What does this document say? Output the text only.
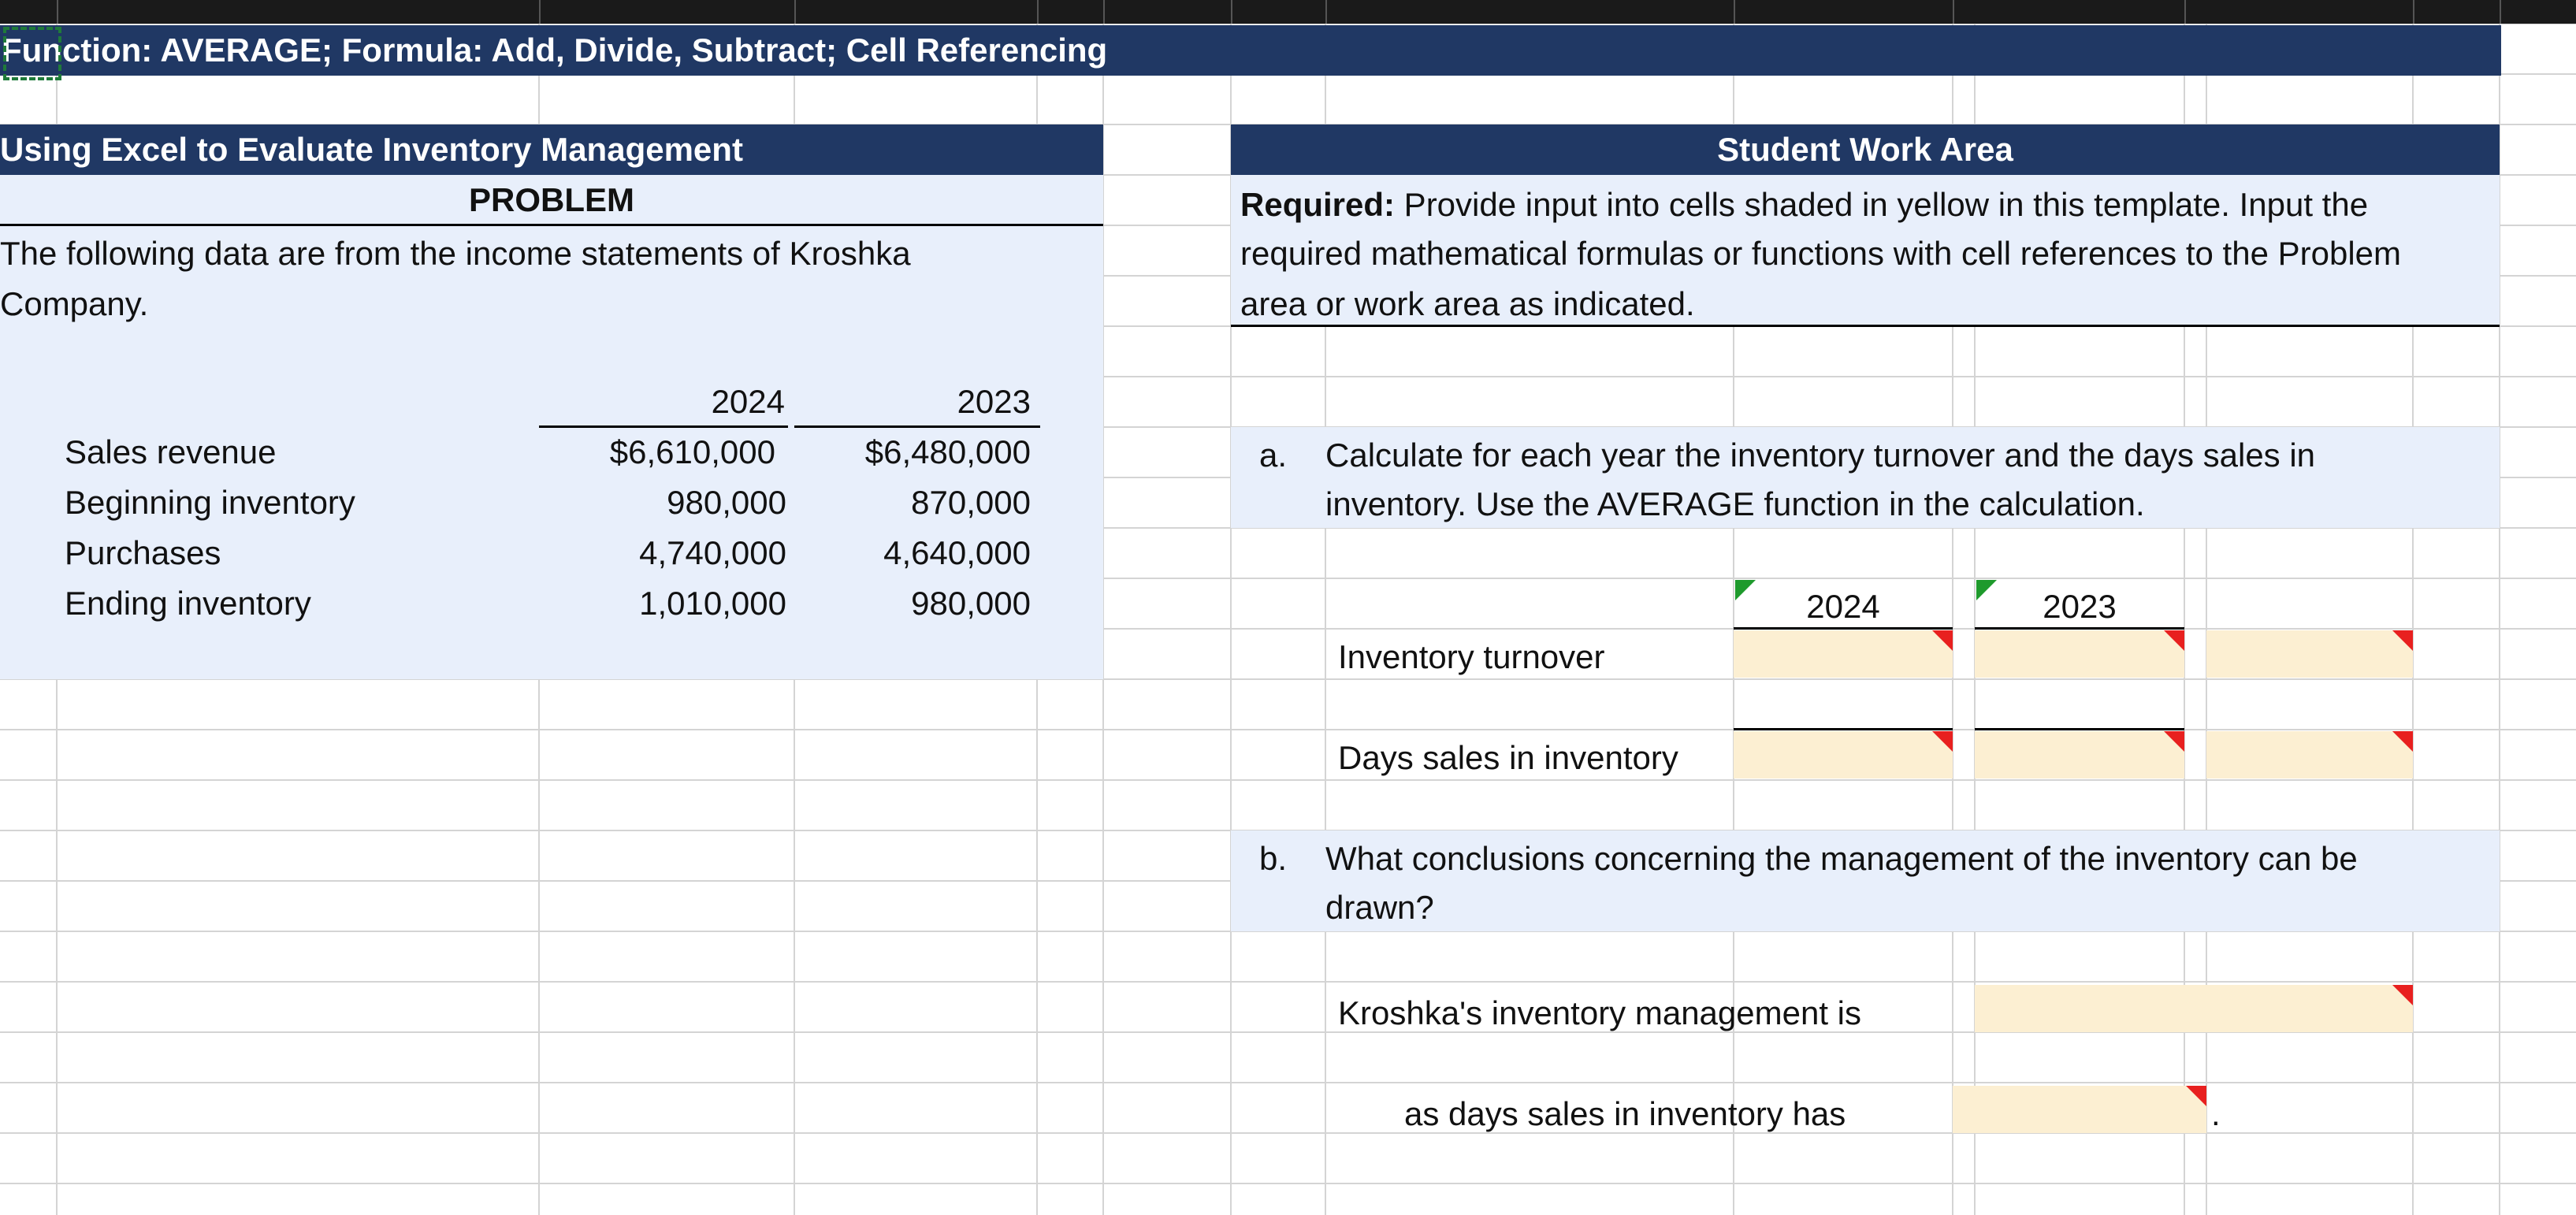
Function: AVERAGE; Formula: Add, Divide, Subtract; Cell Referencing
Using Excel to Evaluate Inventory Management
PROBLEM
The following data are from the income statements of Kroshka
Company.
2024	2023
Sales revenue	$6,610,000	$6,480,000
Beginning inventory	980,000	870,000
Purchases	4,740,000	4,640,000
Ending inventory	1,010,000	980,000
Student Work Area
Required: Provide input into cells shaded in yellow in this template. Input the
required mathematical formulas or functions with cell references to the Problem
area or work area as indicated.
a. Calculate for each year the inventory turnover and the days sales in
inventory. Use the AVERAGE function in the calculation.
2024	2023
Inventory turnover
Days sales in inventory
b. What conclusions concerning the management of the inventory can be
drawn?
Kroshka's inventory management is
as days sales in inventory has	.
